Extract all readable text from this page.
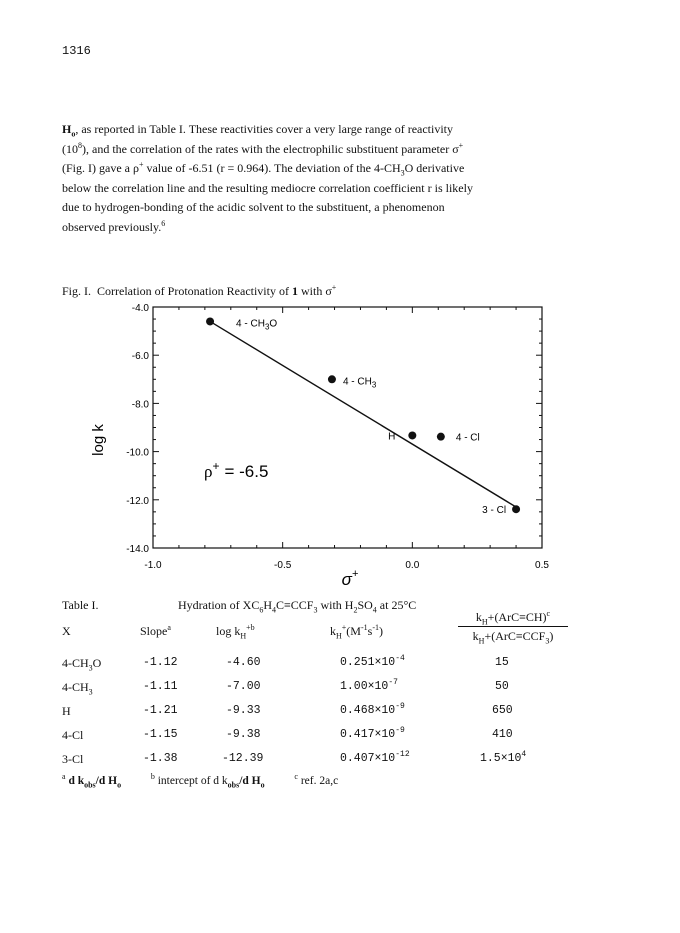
1316
$H_o$, as reported in Table I. These reactivities cover a very large range of reactivity
$(10^8)$, and the correlation of the rates with the electrophilic substituent parameter σ+
(Fig. I) gave a ρ+ value of -6.51 (r = 0.964). The deviation of the $4-CH_3O$ derivative
below the correlation line and the resulting mediocre correlation coefficient r is likely
due to hydrogen-bonding of the acidic solvent to the substituent, a phenomenon
observed previously.$^6$
Fig. I. Correlation of Protonation Reactivity of 1 with σ+
-4.0
-6.0
-8.0
-10.0
-12.0
-14.0
-1.0	-0.5	0.0	0.5
$4 - CH_3O$
$4 - CH_3$
H	4 - Cl
3 - Cl
log k
σ+
ρ+ = -6.5
Table I.	Hydration of $XC_6H_4C\equiv CCF_3$ with $H_2SO_4$ at 25°C
X	Slope$^a$	$\log k_H^{+b}$	$k_H^+(M^{-1}s^{-1})$
$k_H+(ArC\equiv CH)^c$
$k_H+(ArC\equiv CCF_3)$
$4-CH_3O$	-1.12	-4.60	$0.251\times 10^{-4}$	15
$4-CH_3$	-1.11	-7.00	$1.00\times 10^{-7}$	50
H	-1.21	-9.33	$0.468\times 10^{-9}$	650
4-Cl	-1.15	-9.38	$0.417\times 10^{-9}$	410
3-Cl	-1.38	-12.39	$0.407\times 10^{-12}$	$1.5\times 10^4$
$^a$ d $k_{obs}/d$ $H_o$  $^b$ intercept of d $k_{obs}/d$ $H_o$  $^c$ ref. 2a,c
